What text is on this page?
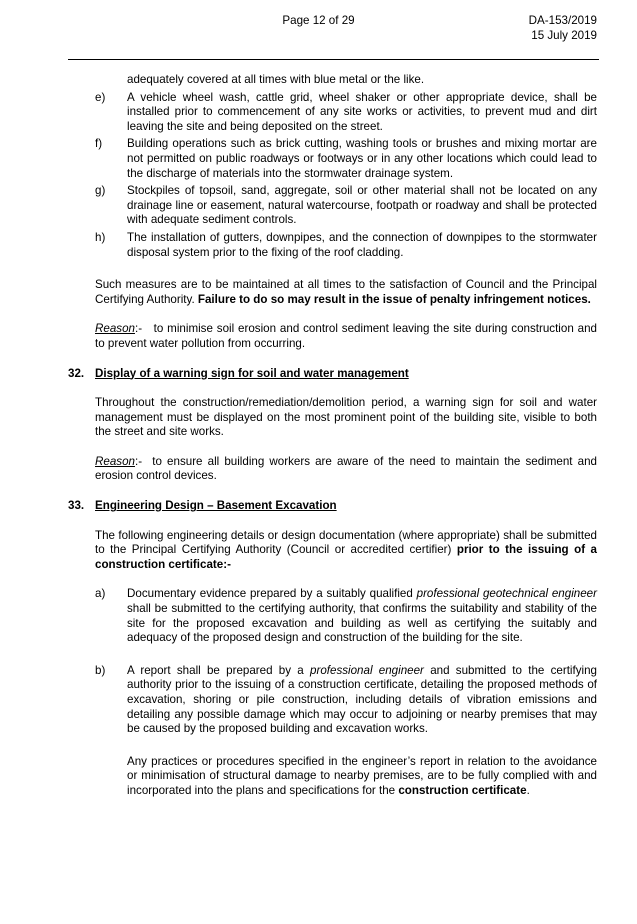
Page 12 of 29	DA-153/2019
15 July 2019

adequately covered at all times with blue metal or the like.

e) A vehicle wheel wash, cattle grid, wheel shaker or other appropriate device, shall be installed prior to commencement of any site works or activities, to prevent mud and dirt leaving the site and being deposited on the street.
f) Building operations such as brick cutting, washing tools or brushes and mixing mortar are not permitted on public roadways or footways or in any other locations which could lead to the discharge of materials into the stormwater drainage system.
g) Stockpiles of topsoil, sand, aggregate, soil or other material shall not be located on any drainage line or easement, natural watercourse, footpath or roadway and shall be protected with adequate sediment controls.
h) The installation of gutters, downpipes, and the connection of downpipes to the stormwater disposal system prior to the fixing of the roof cladding.

Such measures are to be maintained at all times to the satisfaction of Council and the Principal Certifying Authority. Failure to do so may result in the issue of penalty infringement notices.

Reason:- to minimise soil erosion and control sediment leaving the site during construction and to prevent water pollution from occurring.

32. Display of a warning sign for soil and water management

Throughout the construction/remediation/demolition period, a warning sign for soil and water management must be displayed on the most prominent point of the building site, visible to both the street and site works.

Reason:- to ensure all building workers are aware of the need to maintain the sediment and erosion control devices.

33. Engineering Design – Basement Excavation

The following engineering details or design documentation (where appropriate) shall be submitted to the Principal Certifying Authority (Council or accredited certifier) prior to the issuing of a construction certificate:-

a) Documentary evidence prepared by a suitably qualified professional geotechnical engineer shall be submitted to the certifying authority, that confirms the suitability and stability of the site for the proposed excavation and building as well as certifying the suitably and adequacy of the proposed design and construction of the building for the site.
b) A report shall be prepared by a professional engineer and submitted to the certifying authority prior to the issuing of a construction certificate, detailing the proposed methods of excavation, shoring or pile construction, including details of vibration emissions and detailing any possible damage which may occur to adjoining or nearby premises that may be caused by the proposed building and excavation works.

Any practices or procedures specified in the engineer’s report in relation to the avoidance or minimisation of structural damage to nearby premises, are to be fully complied with and incorporated into the plans and specifications for the construction certificate.
